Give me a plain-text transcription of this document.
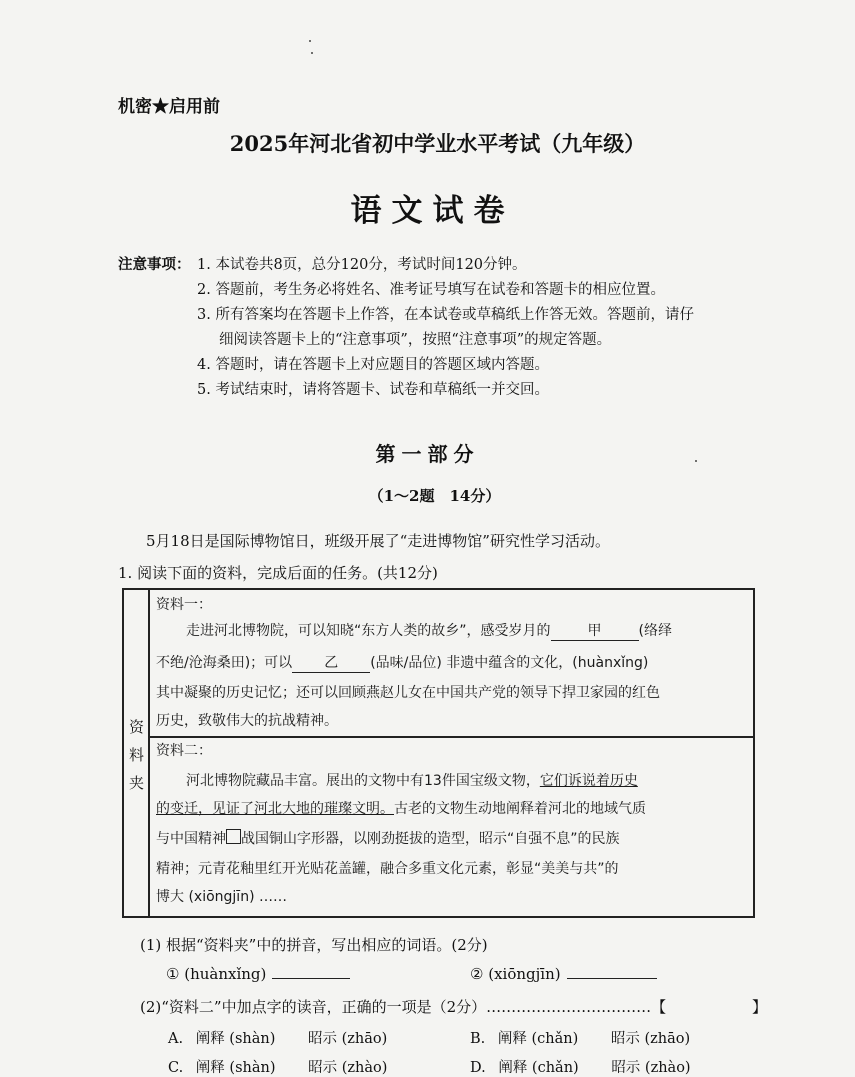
机密★启用前
2025年河北省初中学业水平考试（九年级）
语文试卷
注意事项： 1. 本试卷共8页，总分120分，考试时间120分钟。
2. 答题前，考生务必将姓名、准考证号填写在试卷和答题卡的相应位置。
3. 所有答案均在答题卡上作答，在本试卷或草稿纸上作答无效。答题前，请仔
细阅读答题卡上的“注意事项”，按照“注意事项”的规定答题。
4. 答题时，请在答题卡上对应题目的答题区域内答题。
5. 考试结束时，请将答题卡、试卷和草稿纸一并交回。
第一部分
（1～2题　14分）
5月18日是国际博物馆日，班级开展了“走进博物馆”研究性学习活动。
1. 阅读下面的资料，完成后面的任务。(共12分)
资
料
夹
资料一：
走进河北博物院，可以知晓“东方人类的故乡”，感受岁月的	甲	(络绎
不绝/沧海桑田)；可以 乙 (品味/品位) 非遗中蕴含的文化，(huànxǐng)
其中凝聚的历史记忆；还可以回顾燕赵儿女在中国共产党的领导下捍卫家园的红色
历史，致敬伟大的抗战精神。
资料二：
河北博物院藏品丰富。展出的文物中有13件国宝级文物，它们诉说着历史
的变迁，见证了河北大地的璀璨文明。古老的文物生动地阐释着河北的地域气质
与中国精神 战国铜山字形器，以刚劲挺拔的造型，昭示“自强不息”的民族
精神；元青花釉里红开光贴花盖罐，融合多重文化元素，彰显“美美与共”的
博大 (xiōngjīn) ……
(1) 根据“资料夹”中的拼音，写出相应的词语。(2分)
① (huànxǐng)	② (xiōngjīn)
(2)“资料二”中加点字的读音，正确的一项是（2分）……………………………【	】
A. 阐释 (shàn) 昭示 (zhāo)	B. 阐释 (chǎn) 昭示 (zhāo)
C. 阐释 (shàn) 昭示 (zhào)	D. 阐释 (chǎn) 昭示 (zhào)
